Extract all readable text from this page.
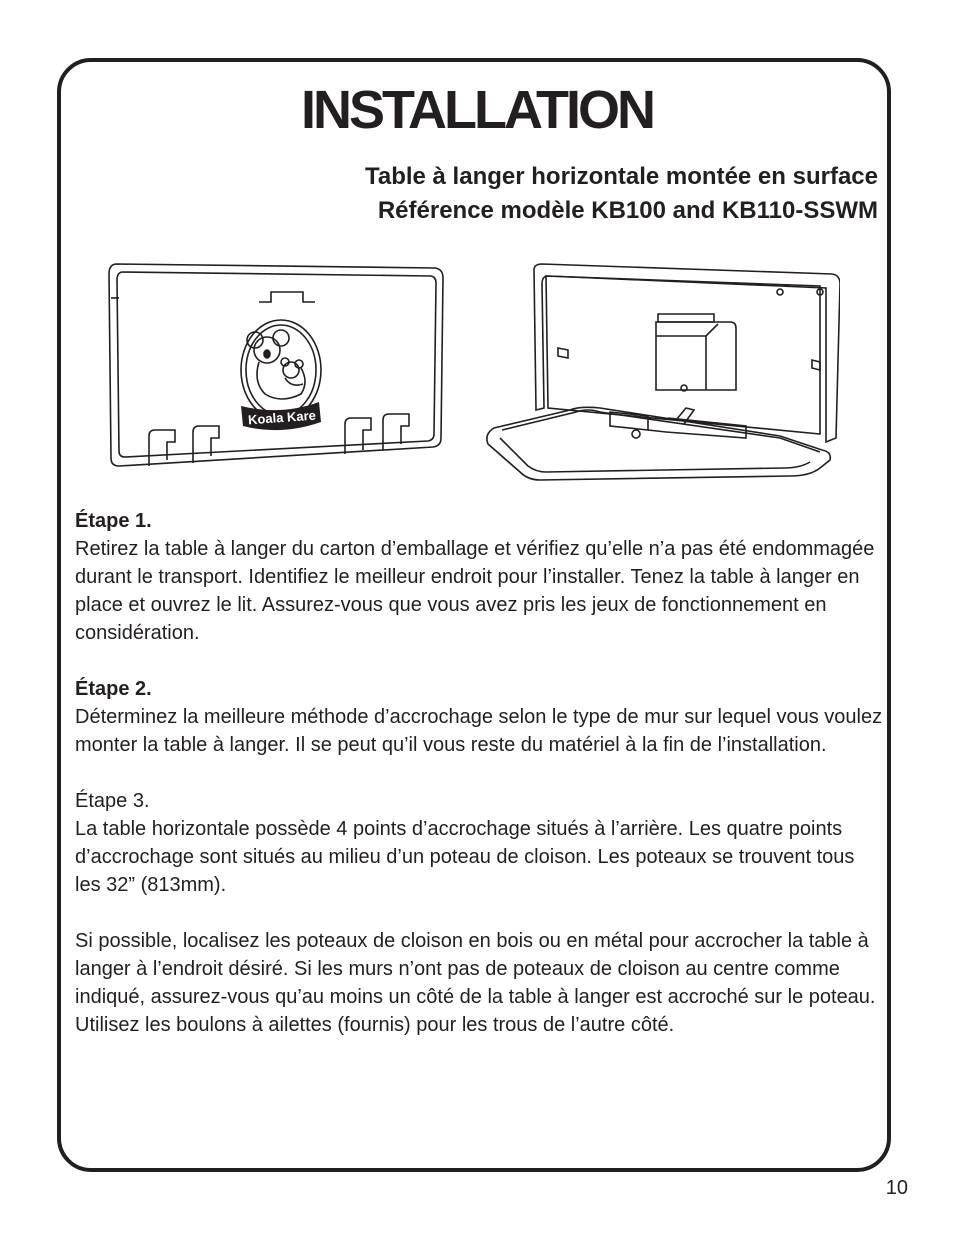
INSTALLATION
Table à langer horizontale montée en surface
Référence modèle KB100 and KB110-SSWM
Koala Kare

Étape 1.
Retirez la table à langer du carton d’emballage et vérifiez qu’elle n’a pas été endommagée durant le transport. Identifiez le meilleur endroit pour l’installer. Tenez la table à langer en place et ouvrez le lit. Assurez-vous que vous avez pris les jeux de fonctionnement en considération.

Étape 2.
Déterminez la meilleure méthode d’accrochage selon le type de mur sur lequel vous voulez monter la table à langer. Il se peut qu’il vous reste du matériel à la fin de l’installation.

Étape 3.
La table horizontale possède 4 points d’accrochage situés à l’arrière. Les quatre points d’accrochage sont situés au milieu d’un poteau de cloison. Les poteaux se trouvent tous les 32” (813mm).

Si possible, localisez les poteaux de cloison en bois ou en métal pour accrocher la table à langer à l’endroit désiré. Si les murs n’ont pas de poteaux de cloison au centre comme indiqué, assurez-vous qu’au moins un côté de la table à langer est accroché sur le poteau. Utilisez les boulons à ailettes (fournis) pour les trous de l’autre côté.

10
